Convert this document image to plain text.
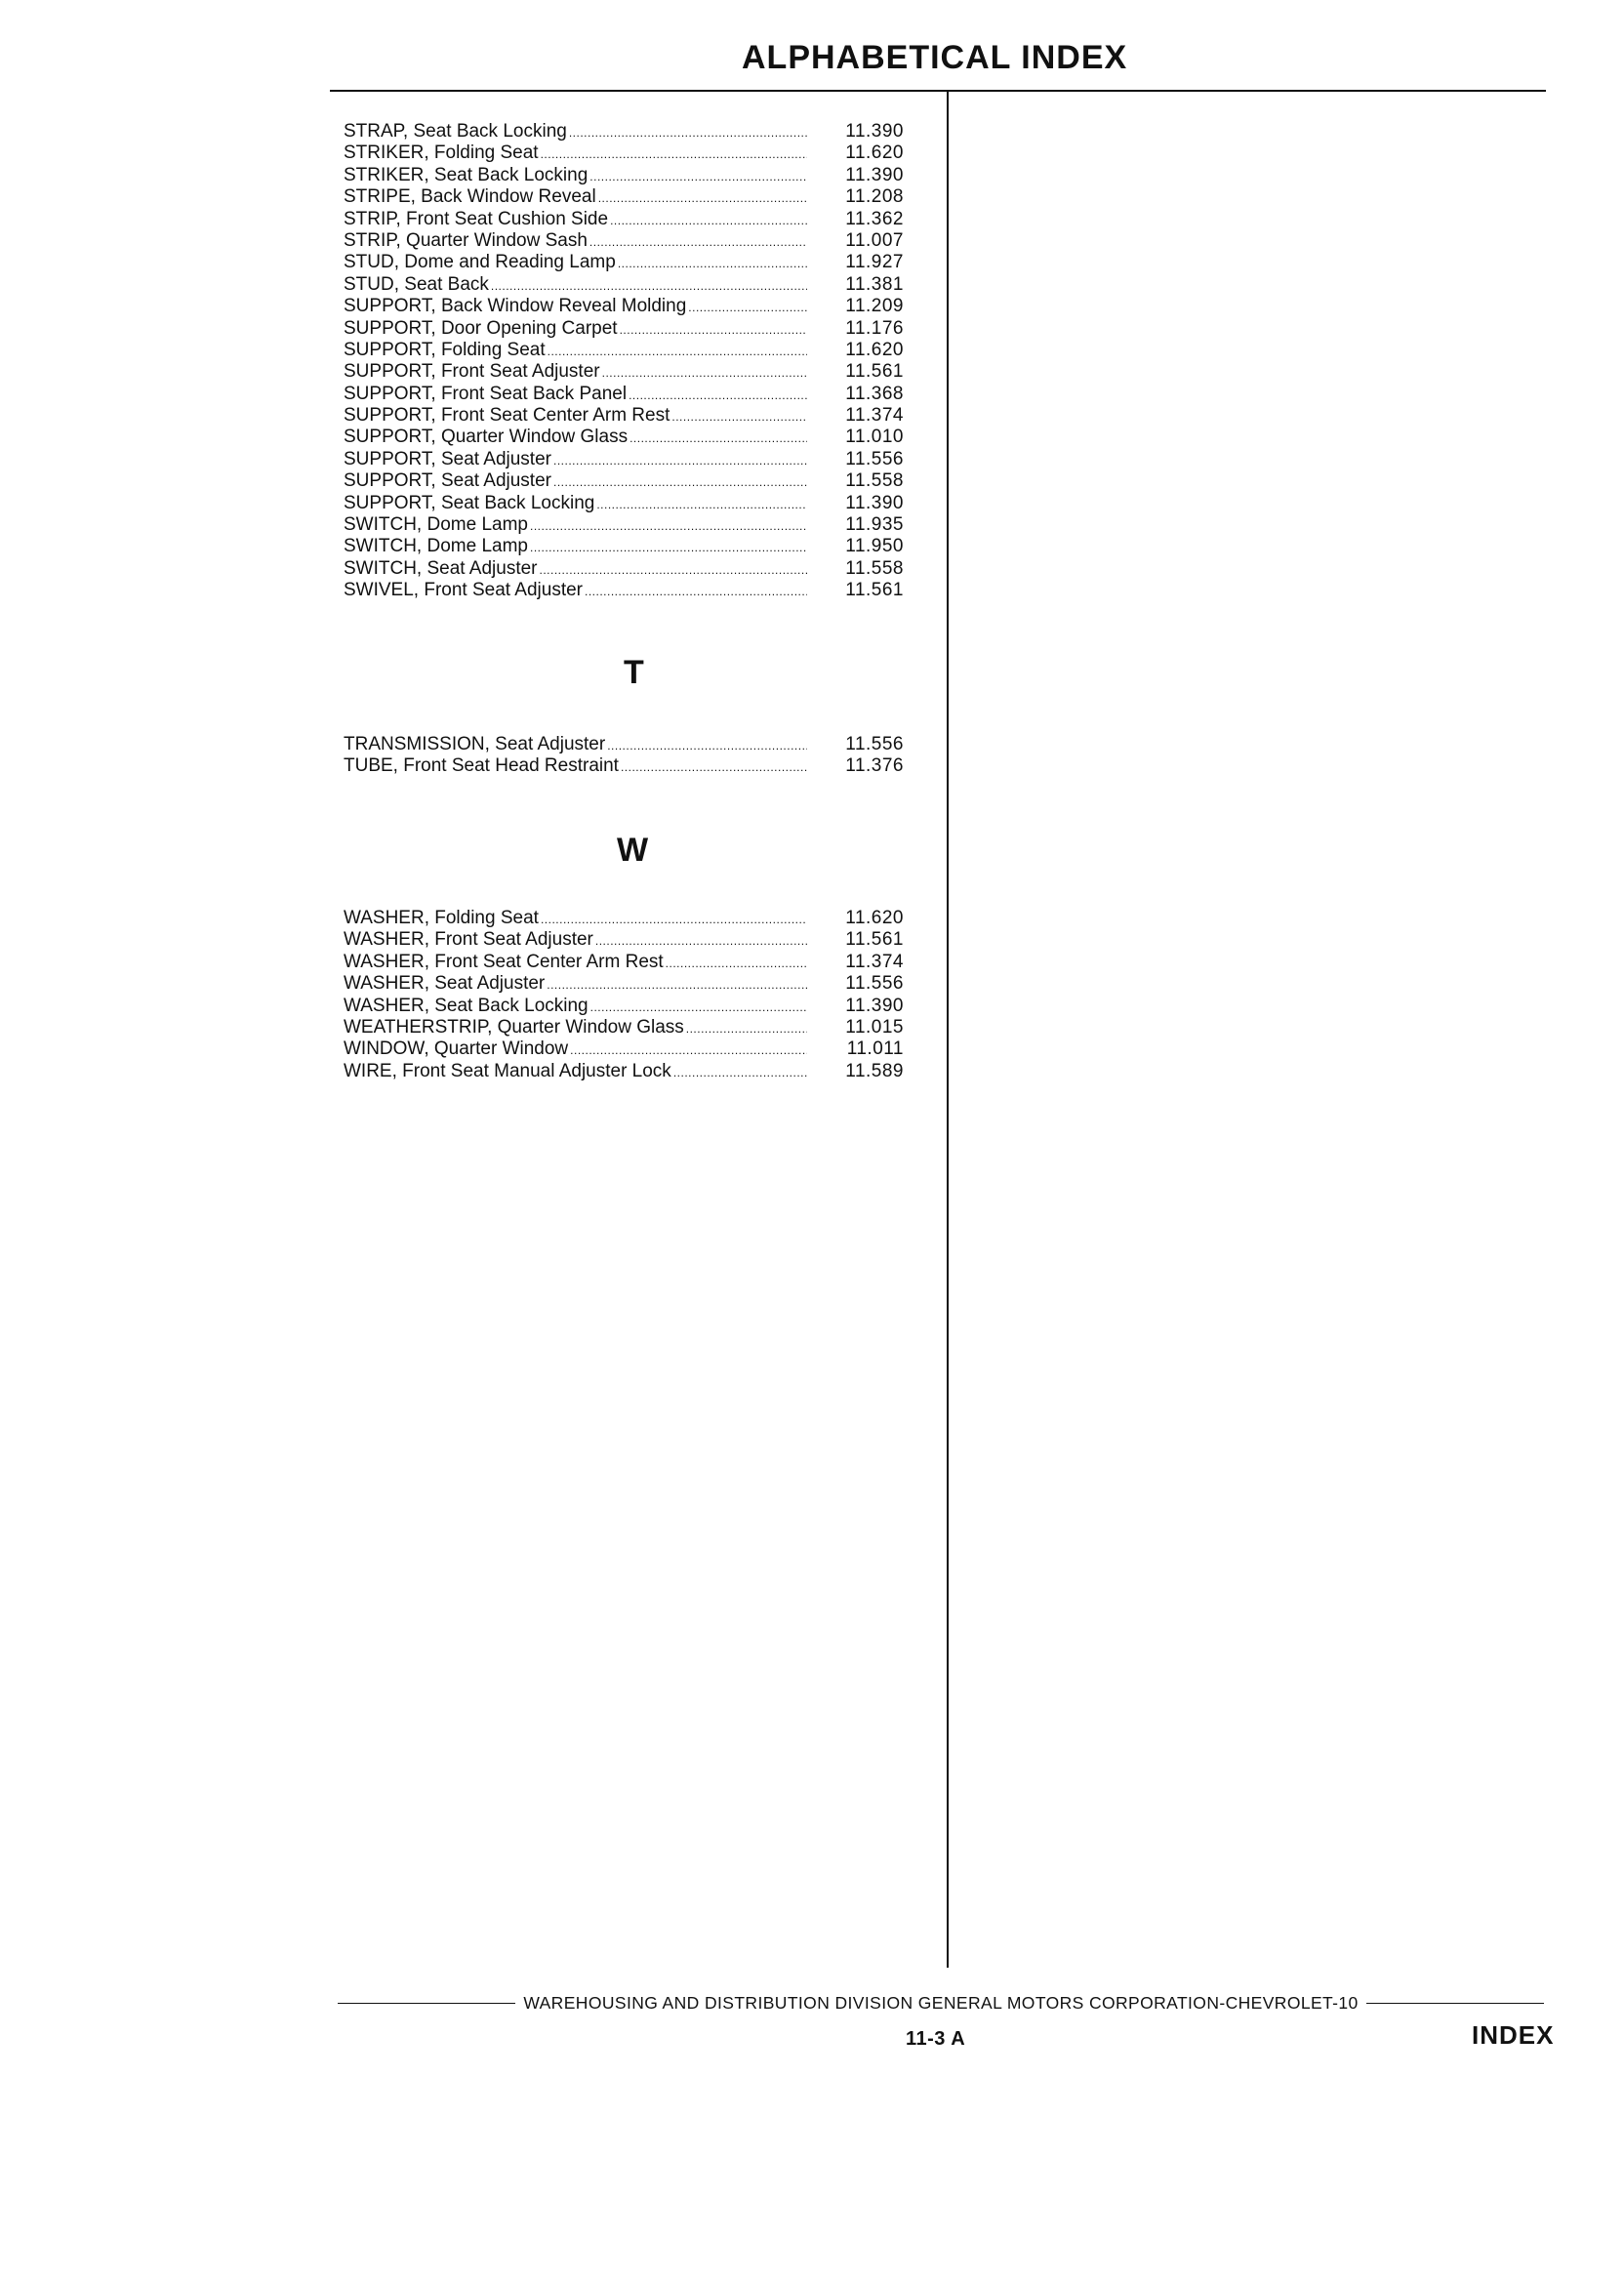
ALPHABETICAL INDEX
STRAP, Seat Back Locking .....	11.390
STRIKER, Folding Seat .....	11.620
STRIKER, Seat Back Locking .....	11.390
STRIPE, Back Window Reveal .....	11.208
STRIP, Front Seat Cushion Side .....	11.362
STRIP, Quarter Window Sash .....	11.007
STUD, Dome and Reading Lamp .....	11.927
STUD, Seat Back .....	11.381
SUPPORT, Back Window Reveal Molding .....	11.209
SUPPORT, Door Opening Carpet .....	11.176
SUPPORT, Folding Seat .....	11.620
SUPPORT, Front Seat Adjuster .....	11.561
SUPPORT, Front Seat Back Panel .....	11.368
SUPPORT, Front Seat Center Arm Rest .....	11.374
SUPPORT, Quarter Window Glass .....	11.010
SUPPORT, Seat Adjuster .....	11.556
SUPPORT, Seat Adjuster .....	11.558
SUPPORT, Seat Back Locking .....	11.390
SWITCH, Dome Lamp .....	11.935
SWITCH, Dome Lamp .....	11.950
SWITCH, Seat Adjuster .....	11.558
SWIVEL, Front Seat Adjuster .....	11.561
T
TRANSMISSION, Seat Adjuster .....	11.556
TUBE, Front Seat Head Restraint .....	11.376
W
WASHER, Folding Seat .....	11.620
WASHER, Front Seat Adjuster .....	11.561
WASHER, Front Seat Center Arm Rest .....	11.374
WASHER, Seat Adjuster .....	11.556
WASHER, Seat Back Locking .....	11.390
WEATHERSTRIP, Quarter Window Glass .....	11.015
WINDOW, Quarter Window .....	11.011
WIRE, Front Seat Manual Adjuster Lock .....	11.589
WAREHOUSING AND DISTRIBUTION DIVISION GENERAL MOTORS CORPORATION-CHEVROLET-10
11-3 A	INDEX
